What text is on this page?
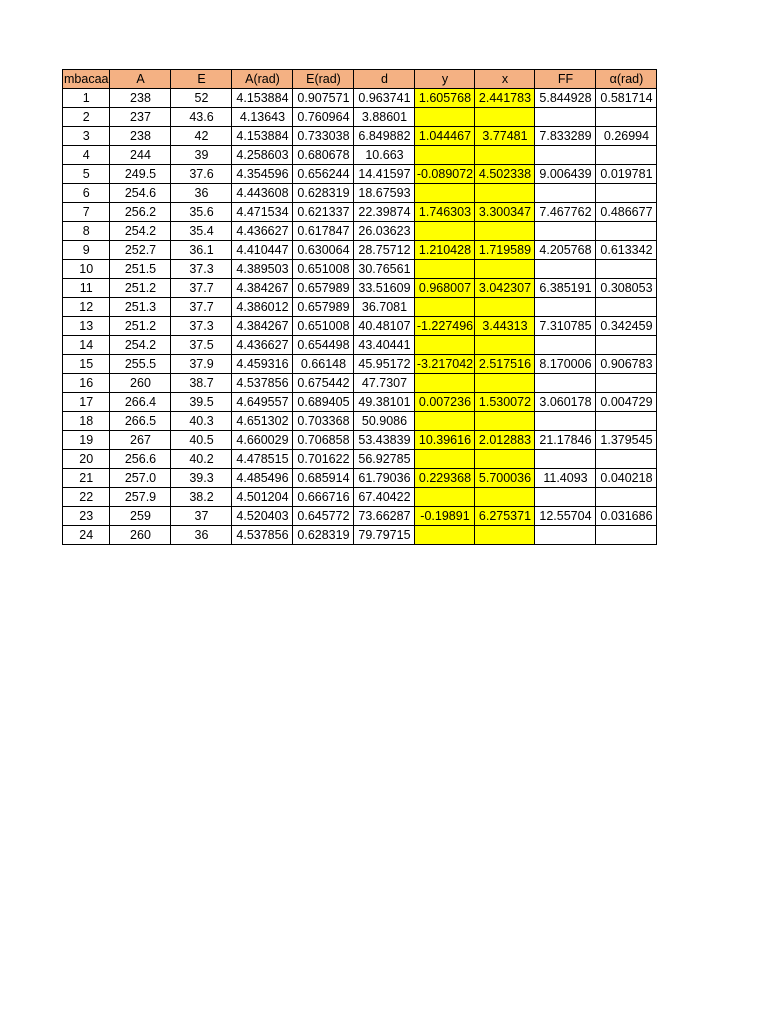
mbacaa	A	E	A(rad)	E(rad)	d	y	x	FF	α(rad)
1	238	52	4.153884	0.907571	0.963741	1.605768	2.441783	5.844928	0.581714
2	237	43.6	4.13643	0.760964	3.88601				
3	238	42	4.153884	0.733038	6.849882	1.044467	3.77481	7.833289	0.26994
4	244	39	4.258603	0.680678	10.663				
5	249.5	37.6	4.354596	0.656244	14.41597	-0.089072	4.502338	9.006439	0.019781
6	254.6	36	4.443608	0.628319	18.67593				
7	256.2	35.6	4.471534	0.621337	22.39874	1.746303	3.300347	7.467762	0.486677
8	254.2	35.4	4.436627	0.617847	26.03623				
9	252.7	36.1	4.410447	0.630064	28.75712	1.210428	1.719589	4.205768	0.613342
10	251.5	37.3	4.389503	0.651008	30.76561				
11	251.2	37.7	4.384267	0.657989	33.51609	0.968007	3.042307	6.385191	0.308053
12	251.3	37.7	4.386012	0.657989	36.7081				
13	251.2	37.3	4.384267	0.651008	40.48107	-1.227496	3.44313	7.310785	0.342459
14	254.2	37.5	4.436627	0.654498	43.40441				
15	255.5	37.9	4.459316	0.66148	45.95172	-3.217042	2.517516	8.170006	0.906783
16	260	38.7	4.537856	0.675442	47.7307				
17	266.4	39.5	4.649557	0.689405	49.38101	0.007236	1.530072	3.060178	0.004729
18	266.5	40.3	4.651302	0.703368	50.9086				
19	267	40.5	4.660029	0.706858	53.43839	10.39616	2.012883	21.17846	1.379545
20	256.6	40.2	4.478515	0.701622	56.92785				
21	257.0	39.3	4.485496	0.685914	61.79036	0.229368	5.700036	11.4093	0.040218
22	257.9	38.2	4.501204	0.666716	67.40422				
23	259	37	4.520403	0.645772	73.66287	-0.19891	6.275371	12.55704	0.031686
24	260	36	4.537856	0.628319	79.79715				
